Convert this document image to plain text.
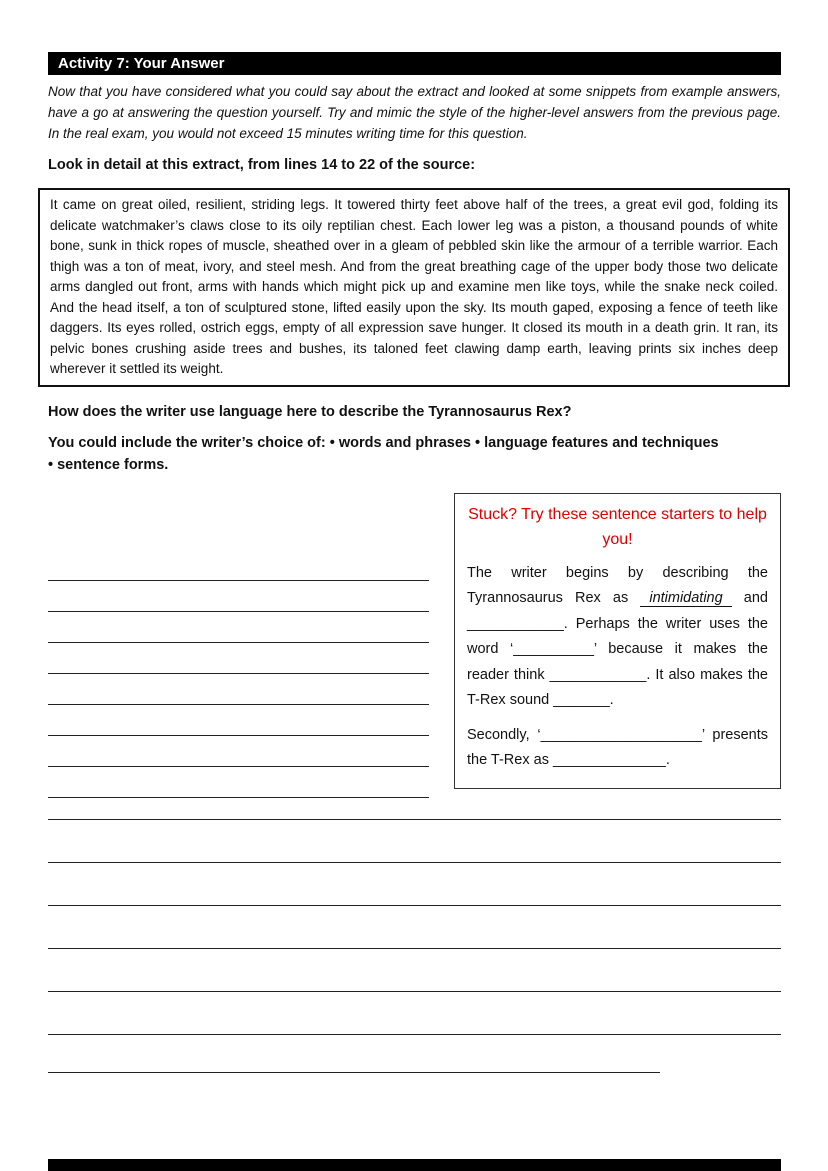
Activity 7: Your Answer

Now that you have considered what you could say about the extract and looked at some snippets from example answers, have a go at answering the question yourself. Try and mimic the style of the higher-level answers from the previous page. In the real exam, you would not exceed 15 minutes writing time for this question.

Look in detail at this extract, from lines 14 to 22 of the source:

It came on great oiled, resilient, striding legs. It towered thirty feet above half of the trees, a great evil god, folding its delicate watchmaker’s claws close to its oily reptilian chest. Each lower leg was a piston, a thousand pounds of white bone, sunk in thick ropes of muscle, sheathed over in a gleam of pebbled skin like the armour of a terrible warrior. Each thigh was a ton of meat, ivory, and steel mesh. And from the great breathing cage of the upper body those two delicate arms dangled out front, arms with hands which might pick up and examine men like toys, while the snake neck coiled. And the head itself, a ton of sculptured stone, lifted easily upon the sky. Its mouth gaped, exposing a fence of teeth like daggers. Its eyes rolled, ostrich eggs, empty of all expression save hunger. It closed its mouth in a death grin. It ran, its pelvic bones crushing aside trees and bushes, its taloned feet clawing damp earth, leaving prints six inches deep wherever it settled its weight.

How does the writer use language here to describe the Tyrannosaurus Rex?

You could include the writer’s choice of: • words and phrases • language features and techniques

• sentence forms.

Stuck? Try these sentence starters to help you!

The writer begins by describing the Tyrannosaurus Rex as intimidating and ____________. Perhaps the writer uses the word ‘__________’ because it makes the reader think ____________. It also makes the T-Rex sound _______.

Secondly, ‘____________________’ presents the T-Rex as ______________.
